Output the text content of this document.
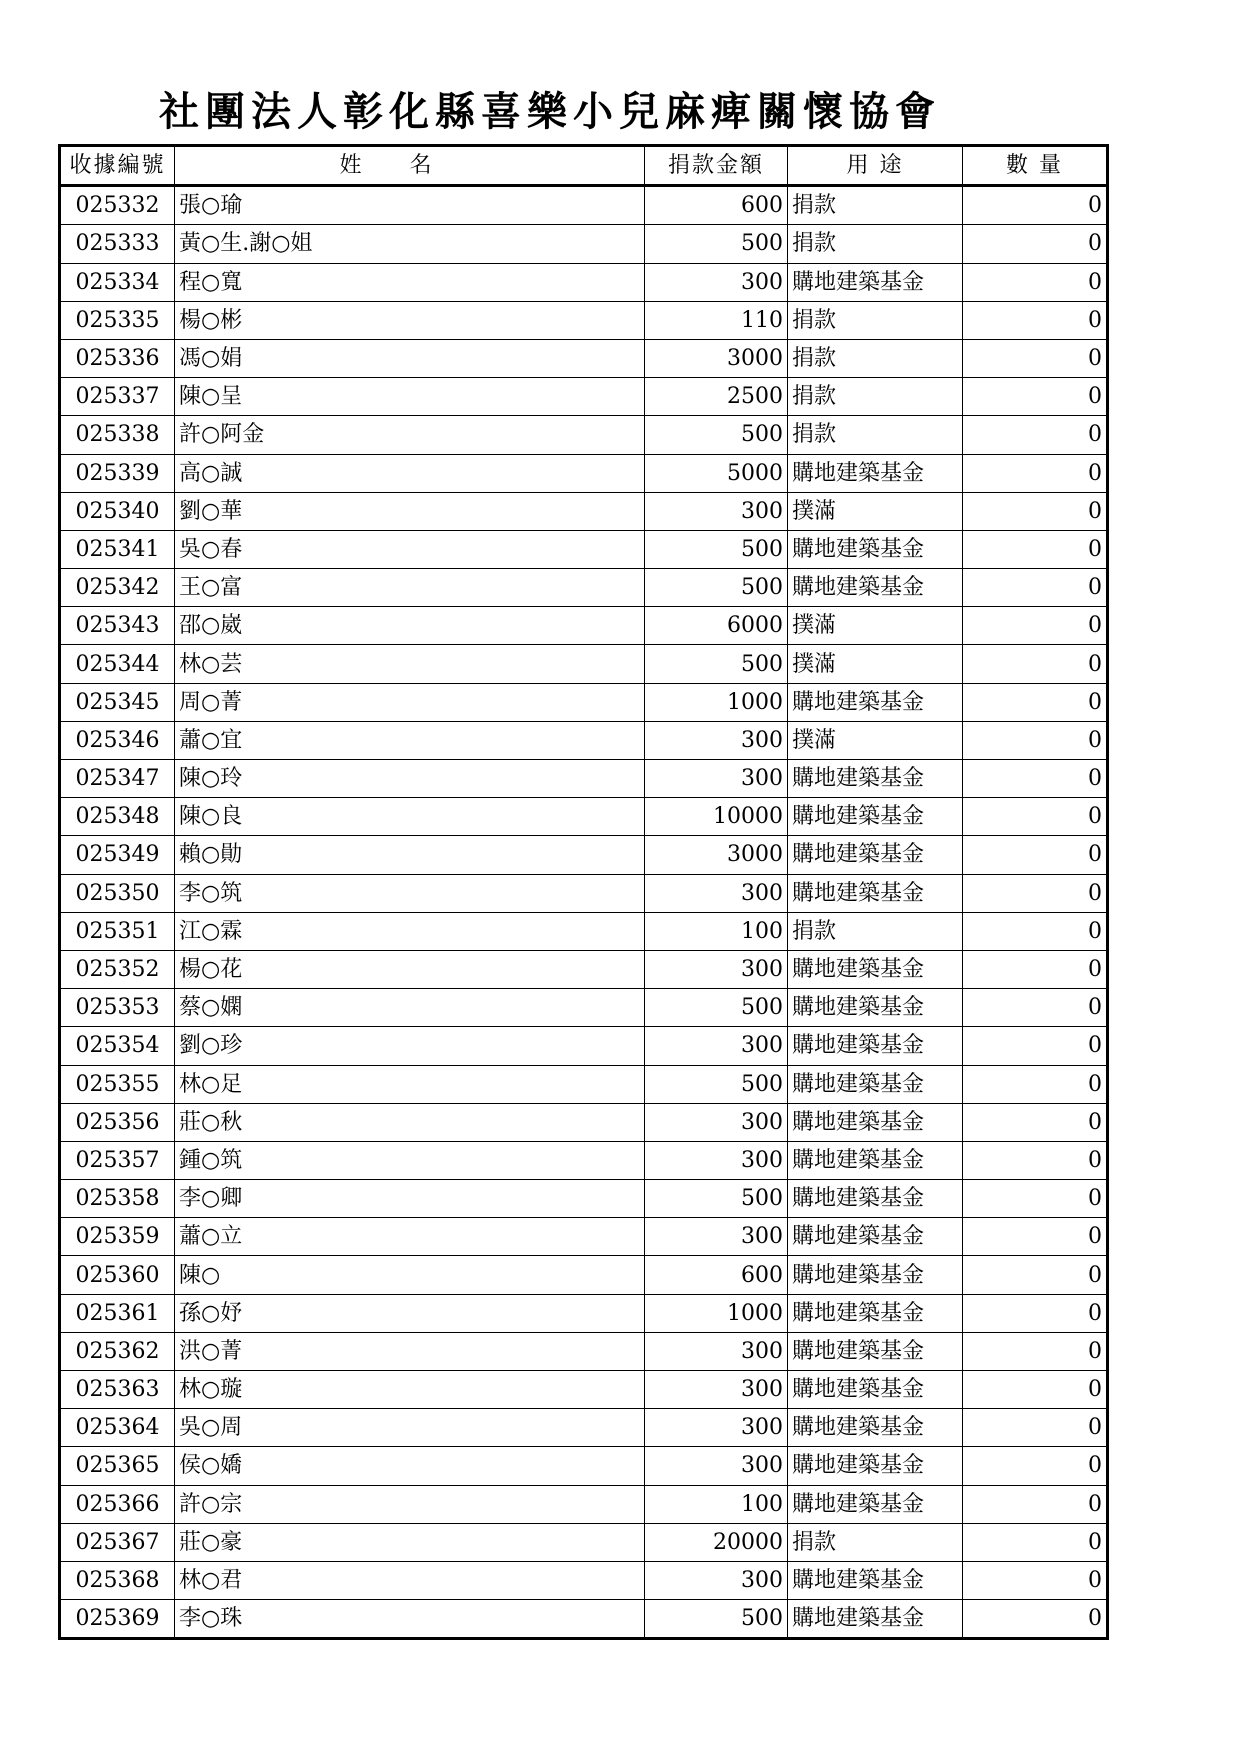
社團法人彰化縣喜樂小兒麻痺關懷協會
收據編號	姓名	捐款金額	用 途	數 量
025332	張○瑜	600	捐款	0
025333	黃○生.謝○姐	500	捐款	0
025334	程○寬	300	購地建築基金	0
025335	楊○彬	110	捐款	0
025336	馮○娟	3000	捐款	0
025337	陳○呈	2500	捐款	0
025338	許○阿金	500	捐款	0
025339	高○誠	5000	購地建築基金	0
025340	劉○華	300	撲滿	0
025341	吳○春	500	購地建築基金	0
025342	王○富	500	購地建築基金	0
025343	邵○崴	6000	撲滿	0
025344	林○芸	500	撲滿	0
025345	周○菁	1000	購地建築基金	0
025346	蕭○宜	300	撲滿	0
025347	陳○玲	300	購地建築基金	0
025348	陳○良	10000	購地建築基金	0
025349	賴○勛	3000	購地建築基金	0
025350	李○筑	300	購地建築基金	0
025351	江○霖	100	捐款	0
025352	楊○花	300	購地建築基金	0
025353	蔡○嫻	500	購地建築基金	0
025354	劉○珍	300	購地建築基金	0
025355	林○足	500	購地建築基金	0
025356	莊○秋	300	購地建築基金	0
025357	鍾○筑	300	購地建築基金	0
025358	李○卿	500	購地建築基金	0
025359	蕭○立	300	購地建築基金	0
025360	陳○	600	購地建築基金	0
025361	孫○妤	1000	購地建築基金	0
025362	洪○菁	300	購地建築基金	0
025363	林○璇	300	購地建築基金	0
025364	吳○周	300	購地建築基金	0
025365	侯○嬌	300	購地建築基金	0
025366	許○宗	100	購地建築基金	0
025367	莊○豪	20000	捐款	0
025368	林○君	300	購地建築基金	0
025369	李○珠	500	購地建築基金	0
